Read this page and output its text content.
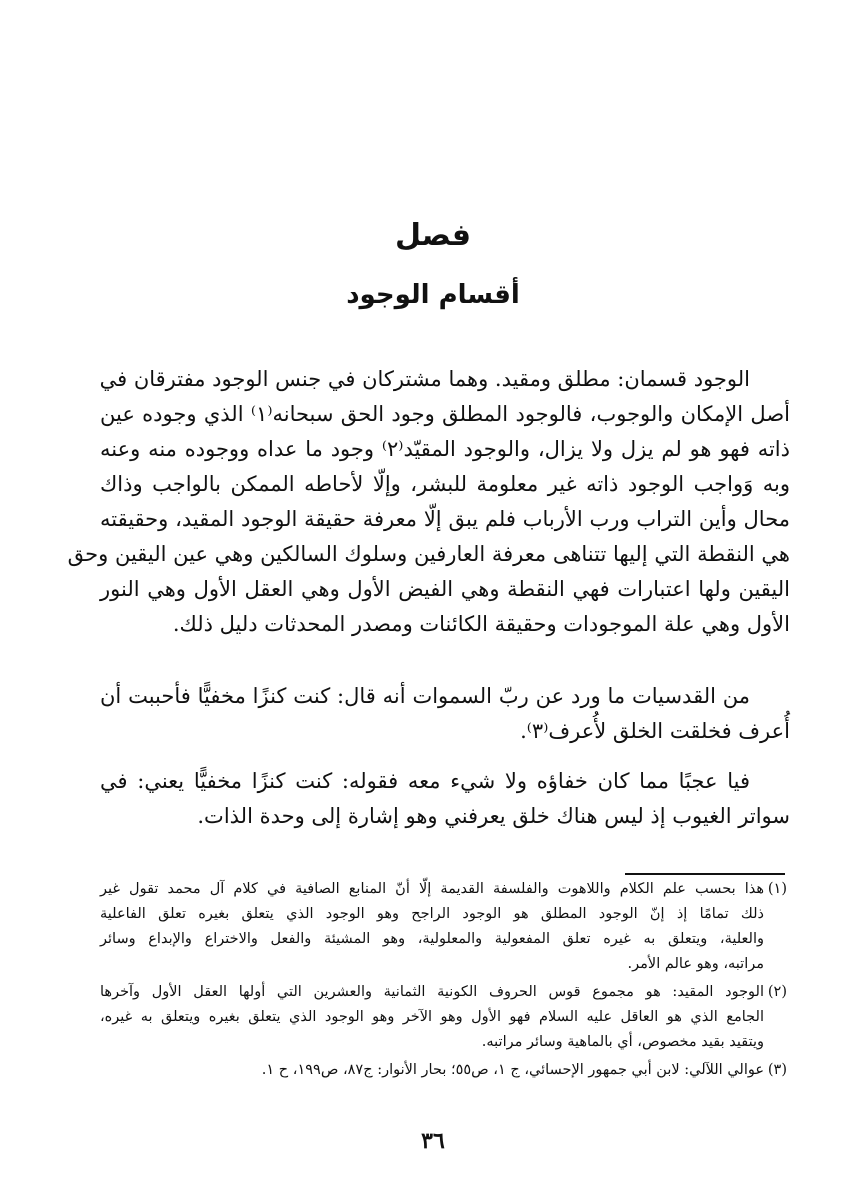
فصل
أقسام الوجود
الوجود قسمان: مطلق ومقيد. وهما مشتركان في جنس الوجود مفترقان في
أصل الإمكان والوجوب، فالوجود المطلق وجود الحق سبحانه⁽١⁾ الذي وجوده عين
ذاته فهو هو لم يزل ولا يزال، والوجود المقيّد⁽٢⁾ وجود ما عداه ووجوده منه وعنه
وبه وَواجب الوجود ذاته غير معلومة للبشر، وإلّا لأحاطه الممكن بالواجب وذاك
محال وأين التراب ورب الأرباب فلم يبق إلّا معرفة حقيقة الوجود المقيد، وحقيقته
هي النقطة التي إليها تتناهى معرفة العارفين وسلوك السالكين وهي عين اليقين وحق
اليقين ولها اعتبارات فهي النقطة وهي الفيض الأول وهي العقل الأول وهي النور
الأول وهي علة الموجودات وحقيقة الكائنات ومصدر المحدثات دليل ذلك.
من القدسيات ما ورد عن ربّ السموات أنه قال: كنت كنزًا مخفيًّا فأحببت أن
أُعرف فخلقت الخلق لأُعرف⁽٣⁾.
فيا عجبًا مما كان خفاؤه ولا شيء معه فقوله: كنت كنزًا مخفيًّا يعني: في
سواتر الغيوب إذ ليس هناك خلق يعرفني وهو إشارة إلى وحدة الذات.
(١)
هذا بحسب علم الكلام واللاهوت والفلسفة القديمة إلّا أنّ المنابع الصافية في كلام آل محمد تقول غير
ذلك تمامًا إذ إنّ الوجود المطلق هو الوجود الراجح وهو الوجود الذي يتعلق بغيره تعلق الفاعلية
والعلية، ويتعلق به غيره تعلق المفعولية والمعلولية، وهو المشيئة والفعل والاختراع والإبداع وسائر
مراتبه، وهو عالم الأمر.
(٢)
الوجود المقيد: هو مجموع قوس الحروف الكونية الثمانية والعشرين التي أولها العقل الأول وآخرها
الجامع الذي هو العاقل عليه السلام فهو الأول وهو الآخر وهو الوجود الذي يتعلق بغيره ويتعلق به غيره،
ويتقيد بقيد مخصوص، أي بالماهية وسائر مراتبه.
(٣)
عوالي اللآلي: لابن أبي جمهور الإحسائي، ج ١، ص٥٥؛ بحار الأنوار: ج٨٧، ص١٩٩، ح ١.
٣٦
